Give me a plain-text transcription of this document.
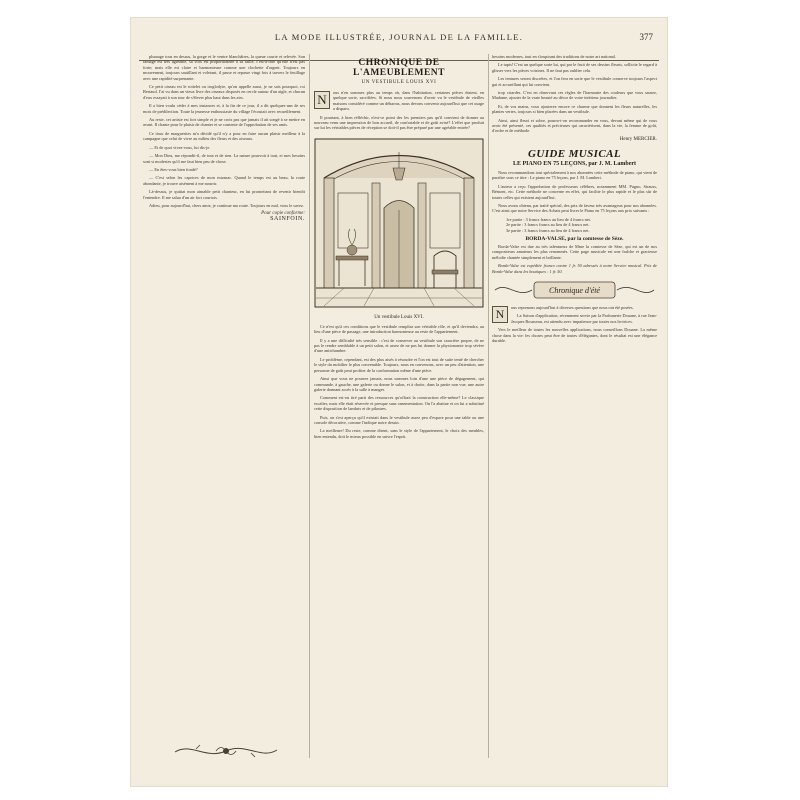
LA MODE ILLUSTRÉE, JOURNAL DE LA FAMILLE.	377

plumage tous en dessus, la gorge et le ventre blanchâtres, la queue courte et relevée. Son ramage est très agréable, sa voix est proportionnée à sa taille, c'est-à-dire qu'elle n'est pas forte; mais elle est claire et harmonieuse comme une clochette d'argent. Toujours en mouvement, toujours sautillant et voletant, il passe et repasse vingt fois à travers le feuillage avec une rapidité surprenante.

Ce petit oiseau est le roitelet ou troglodyte, qu'on appelle aussi, je ne sais pourquoi, roi Bertaud. J'ai vu dans un vieux livre des oiseaux disposés en cercle autour d'un aigle, et chacun d'eux essayait à son tour de s'élever plus haut dans les airs.

Il a bien voulu céder à mes instances et, à la fin de ce jour, il a dit quelques-uns de ses mots de prédilection. Toute la jeunesse enthousiaste du village l'écoutait avec recueillement.

Au reste, cet artiste est fort simple et je ne crois pas que jamais il ait songé à se mettre en avant. Il chante pour le plaisir de chanter et se contente de l'approbation de ses amis.

Ce tissu de marguerites m'a décidé qu'il n'y a pour en faire aucun plaisir meilleur à la campagne que celui de vivre au milieu des fleurs et des oiseaux.

— Et de quoi vivez-vous, lui dis-je.

— Mon Dieu, me répondit-il, de tout et de rien. La nature pourvoit à tout, et mes besoins sont si modestes qu'il me faut bien peu de chose.

— En êtes-vous bien fondé?

— C'est selon les caprices de mon estomac. Quand le temps est au beau, la route abondante, je trouve aisément à me nourrir.

Là-dessus, je quittai mon aimable petit chanteur, en lui promettant de revenir bientôt l'entendre. Il me salua d'un air fort courtois.

Adieu, pour aujourd'hui, chers amis; je continue ma route. Toujours en mal, vous le savez.

Pour copie conforme:
SAINFOIN.
CHRONIQUE DE L'AMEUBLEMENT
UN VESTIBULE LOUIS XVI
N	ous n'en sommes plus au temps où, dans l'habitation, certaines pièces étaient, en quelque sorte, sacrifiées. Si nous nous souvenons d'avoir vu le vestibule de vieilles maisons considéré comme un débarras, nous devons convenir aujourd'hui que cet usage a disparu.

Il pourtant, à bien réfléchir, n'est-ce point des les premiers pas qu'il convient de donner au nouveau venu une impression de bon accueil, de confortable et de goût avisé? L'effet que produit sur lui les véritables pièces de réception se doit-il pas être préparé par une agréable entrée?

Un vestibule Louis XVI.

Ce n'est qu'à ces conditions que le vestibule remplira son véritable rôle, et qu'il deviendra, au lieu d'une pièce de passage, une introduction harmonieuse au reste de l'appartement.

Il y a une difficulté très sensible : c'est de conserver au vestibule son caractère propre, de ne pas le rendre semblable à un petit salon, et assez de ne pas lui donner la physionomie trop sévère d'une antichambre.

Le problème, cependant, est des plus aisés à résoudre et l'on est tout de suite tenté de chercher le style du mobilier le plus convenable. Toujours, nous en convenons, avec un peu d'attention, une personne de goût peut profiter de la conformation même d'une pièce.

Ainsi que vous ne pourrez jamais, nous sommes loin d'une une pièce de dégagement, qui commande, à gauche, une galerie ou donne le salon, et à droite, dans la partie non vue, une autre galerie donnant accès à la salle à manger.

Comment est-on tiré parti des ressources qu'offrait la construction elle-même? Le classique escalier, mais elle était réservée et presque sans ornementation. On l'a abattue et on lui a substitué cette disposition de lambris et de pilastres.

Puis, on s'est aperçu qu'il existait dans le vestibule assez peu d'espace pour une table ou une console décorative, comme l'indique notre dessin.

La meilleure! Du reste, comme disent, sans le style de l'appartement, le choix des meubles, bien entendu, doit le mieux possible en suivre l'esprit.

besoins modernes, tout en s'inspirant des traditions de notre art national.

Le tapis! C'est un quelque sorte lui, qui par le fruit de ses dessins fleuris, sollicite le regard à glisser vers les pièces voisines. Il ne faut pas oublier cela.

Les tentures seront discrètes, et l'on fera en sorte que le vestibule conserve toujours l'aspect gai et accueillant qui lui convient.

trop criardes. C'est en observant ces règles de l'harmonie des couleurs que vous saurez, Madame, ajouter de la vraie beauté au décor de votre intérieur journalier.

Et, de vos mains, vous ajouterez encore ce charme que donnent les fleurs naturelles, les plantes vertes, toujours si bien placées dans un vestibule.

Ainsi, ainsi fleuri et sobre, pourra-t-on recommander en vous, devant même qui de vous avoir été présenté, ces qualités et précieuses qui caractérisent, dans la vie, la femme de goût, d'ordre et de méthode.

Henry MERCIER.
GUIDE MUSICAL
LE PIANO EN 75 LEÇONS, par J. M. Lambert

Nous recommandons tout spécialement à nos abonnées cette méthode de piano, qui vient de paraître sous ce titre : Le piano en 75 leçons, par J. M. Lambert.

L'auteur a reçu l'approbation de professeurs célèbres, notamment MM. Pugno, Strauss, Bémont, etc. Cette méthode ne concerne en effet, qui facilite le plus rapide et le plus sûr de toutes celles qui existent aujourd'hui.

Nous avons obtenu, par traité spécial, des prix de faveur très avantageux pour nos abonnées. C'est ainsi que notre Service des Achats peut livrer le Piano en 75 leçons aux prix suivants :

1re partie : 3 francs francs au lieu de 4 francs net.

2e partie : 3 francs francs au lieu de 4 francs net.

3e partie : 3 francs francs au lieu de 4 francs net.

BORDA-VALSE, par la comtesse de Sèze.

Borda-Valse est due au très talentueux de Mme la comtesse de Sèze, qui est un de nos compositeurs amateurs les plus renommés. Cette page musicale est une fraîche et gracieuse mélodie chantée simplement et brillante.

Borda-Valse est expédiée franco contre 1 fr. 50 adressés à notre Service musical. Prix de Borda-Valse dans les boutiques : 1 fr. 50.

Chronique d'été
N	ous reprenons aujourd'hui à diverses questions que nous ont été posées.

La Saison d'application, récemment servie par la Parfumerie Douane, à rue Jean-Jacques Rousseau, est attendu avec impatience par toutes nos lectrices.

Vers le meilleur de toutes les nouvelles applications, nous conseillons Douane. La même chose dans la vie: les choses peut être de toutes d'élégantes, dont le résultat est une élégance durable.
